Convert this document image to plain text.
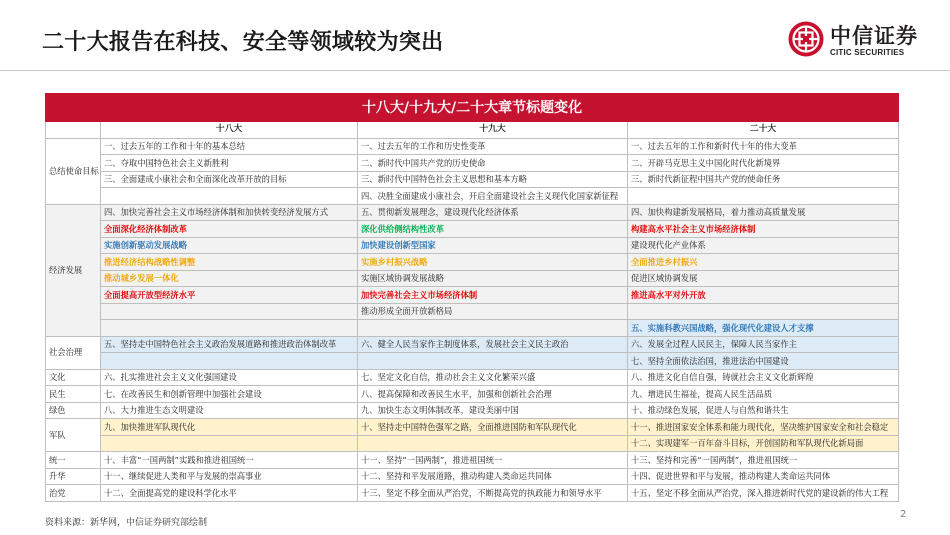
二十大报告在科技、安全等领域较为突出	中信证券
CITIC SECURITIES
十八大/十九大/二十大章节标题变化			
	十八大	十九大	二十大
总结使命目标	一、过去五年的工作和十年的基本总结	一、过去五年的工作和历史性变革	一、过去五年的工作和新时代十年的伟大变革
	二、夺取中国特色社会主义新胜利	二、新时代中国共产党的历史使命	二、开辟马克思主义中国化时代化新境界
	三、全面建成小康社会和全面深化改革开放的目标	三、新时代中国特色社会主义思想和基本方略	三、新时代新征程中国共产党的使命任务
		四、决胜全面建成小康社会，开启全面建设社会主义现代化国家新征程	
经济发展	四、加快完善社会主义市场经济体制和加快转变经济发展方式	五、贯彻新发展理念，建设现代化经济体系	四、加快构建新发展格局，着力推动高质量发展
	全面深化经济体制改革	深化供给侧结构性改革	构建高水平社会主义市场经济体制
	实施创新驱动发展战略	加快建设创新型国家	建设现代化产业体系
	推进经济结构战略性调整	实施乡村振兴战略	全面推进乡村振兴
	推动城乡发展一体化	实施区域协调发展战略	促进区域协调发展
	全面提高开放型经济水平	加快完善社会主义市场经济体制	推进高水平对外开放
		推动形成全面开放新格局	
			五、实施科教兴国战略，强化现代化建设人才支撑
社会治理	五、坚持走中国特色社会主义政治发展道路和推进政治体制改革	六、健全人民当家作主制度体系，发展社会主义民主政治	六、发展全过程人民民主，保障人民当家作主
			七、坚持全面依法治国，推进法治中国建设
文化	六、扎实推进社会主义文化强国建设	七、坚定文化自信，推动社会主义文化繁荣兴盛	八、推进文化自信自强，铸就社会主义文化新辉煌
民生	七、在改善民生和创新管理中加强社会建设	八、提高保障和改善民生水平，加强和创新社会治理	九、增进民生福祉，提高人民生活品质
绿色	八、大力推进生态文明建设	九、加快生态文明体制改革，建设美丽中国	十、推动绿色发展，促进人与自然和谐共生
军队	九、加快推进军队现代化	十、坚持走中国特色强军之路，全面推进国防和军队现代化	十一、推进国家安全体系和能力现代化，坚决维护国家安全和社会稳定
			十二、实现建军一百年奋斗目标，开创国防和军队现代化新局面
统一	十、丰富“一国两制”实践和推进祖国统一	十一、坚持“一国两制”，推进祖国统一	十三、坚持和完善“一国两制”，推进祖国统一
升华	十一、继续促进人类和平与发展的崇高事业	十二、坚持和平发展道路，推动构建人类命运共同体	十四、促进世界和平与发展，推动构建人类命运共同体
治党	十二、全面提高党的建设科学化水平	十三、坚定不移全面从严治党，不断提高党的执政能力和领导水平	十五、坚定不移全面从严治党，深入推进新时代党的建设新的伟大工程
资料来源：新华网，中信证券研究部绘制
2
